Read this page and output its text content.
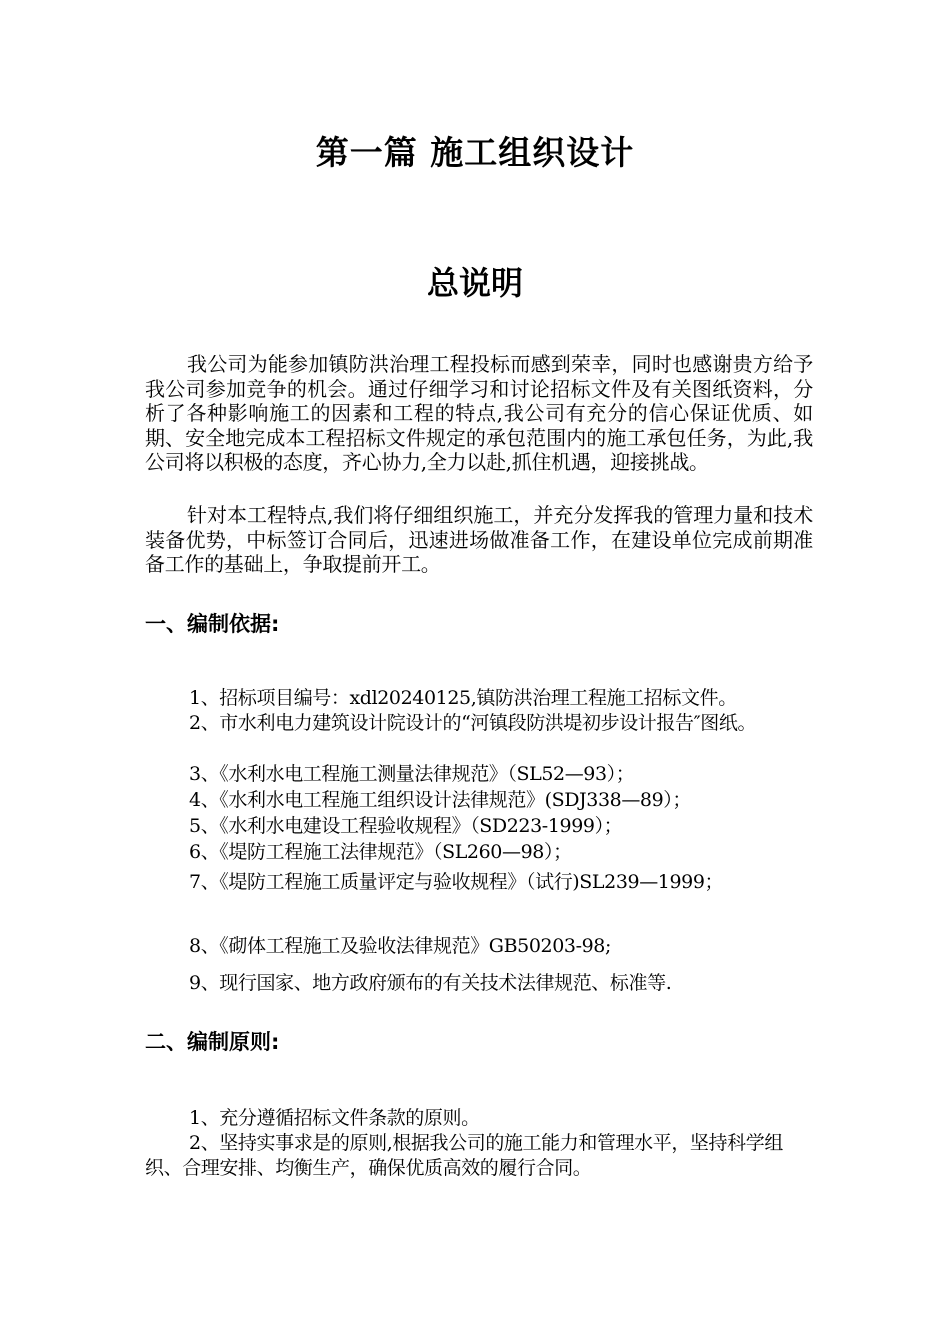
第一篇 施工组织设计
总说明

我公司为能参加镇防洪治理工程投标而感到荣幸，同时也感谢贵方给予我公司参加竞争的机会。通过仔细学习和讨论招标文件及有关图纸资料，分析了各种影响施工的因素和工程的特点,我公司有充分的信心保证优质、如期、安全地完成本工程招标文件规定的承包范围内的施工承包任务，为此,我公司将以积极的态度，齐心协力,全力以赴,抓住机遇，迎接挑战。

针对本工程特点,我们将仔细组织施工，并充分发挥我的管理力量和技术装备优势，中标签订合同后，迅速进场做准备工作，在建设单位完成前期准备工作的基础上，争取提前开工。

一、编制依据:

1、招标项目编号：xdl20240125,镇防洪治理工程施工招标文件。

2、市水利电力建筑设计院设计的“河镇段防洪堤初步设计报告″图纸。

3、《水利水电工程施工测量法律规范》（SL52—93）；

4、《水利水电工程施工组织设计法律规范》(SDJ338—89）；

5、《水利水电建设工程验收规程》（SD223-1999）；

6、《堤防工程施工法律规范》（SL260—98）；

7、《堤防工程施工质量评定与验收规程》（试行)SL239—1999；

8、《砌体工程施工及验收法律规范》GB50203-98;

9、现行国家、地方政府颁布的有关技术法律规范、标准等.

二、编制原则:

1、充分遵循招标文件条款的原则。

2、坚持实事求是的原则,根据我公司的施工能力和管理水平，坚持科学组织、合理安排、均衡生产，确保优质高效的履行合同。
